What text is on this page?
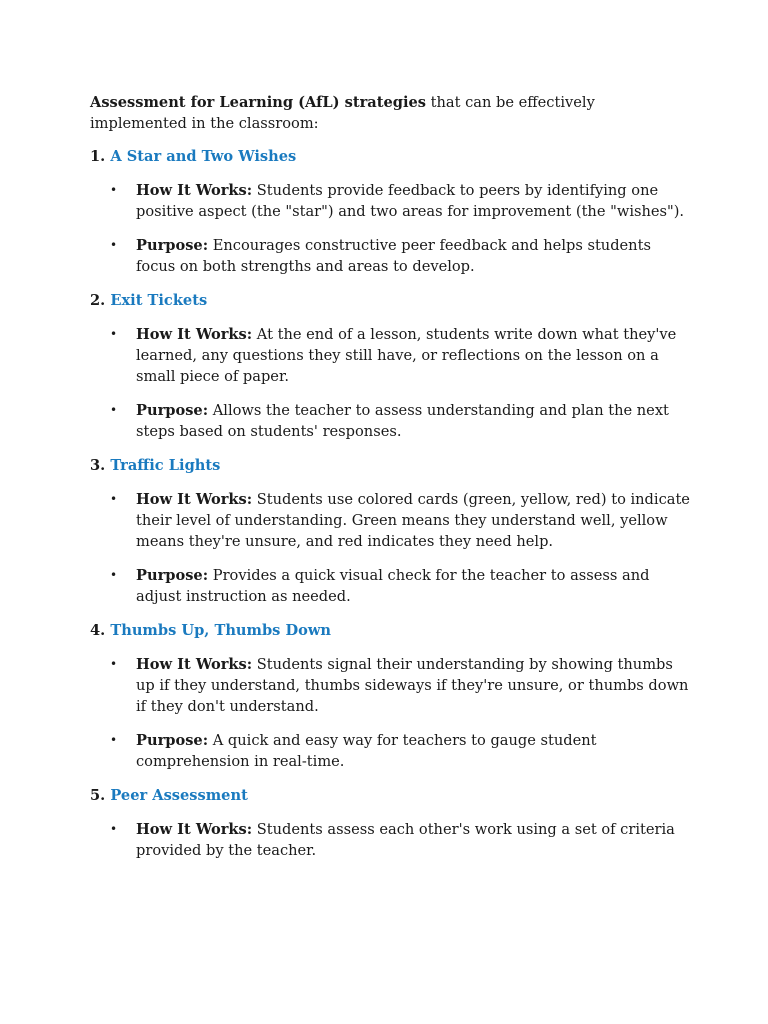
Assessment for Learning (AfL) strategies that can be effectively implemented in the classroom:

1. A Star and Two Wishes

• How It Works: Students provide feedback to peers by identifying one positive aspect (the "star") and two areas for improvement (the "wishes").
• Purpose: Encourages constructive peer feedback and helps students focus on both strengths and areas to develop.

2. Exit Tickets

• How It Works: At the end of a lesson, students write down what they've learned, any questions they still have, or reflections on the lesson on a small piece of paper.
• Purpose: Allows the teacher to assess understanding and plan the next steps based on students' responses.

3. Traffic Lights

• How It Works: Students use colored cards (green, yellow, red) to indicate their level of understanding. Green means they understand well, yellow means they're unsure, and red indicates they need help.
• Purpose: Provides a quick visual check for the teacher to assess and adjust instruction as needed.

4. Thumbs Up, Thumbs Down

• How It Works: Students signal their understanding by showing thumbs up if they understand, thumbs sideways if they're unsure, or thumbs down if they don't understand.
• Purpose: A quick and easy way for teachers to gauge student comprehension in real-time.

5. Peer Assessment

• How It Works: Students assess each other's work using a set of criteria provided by the teacher.
